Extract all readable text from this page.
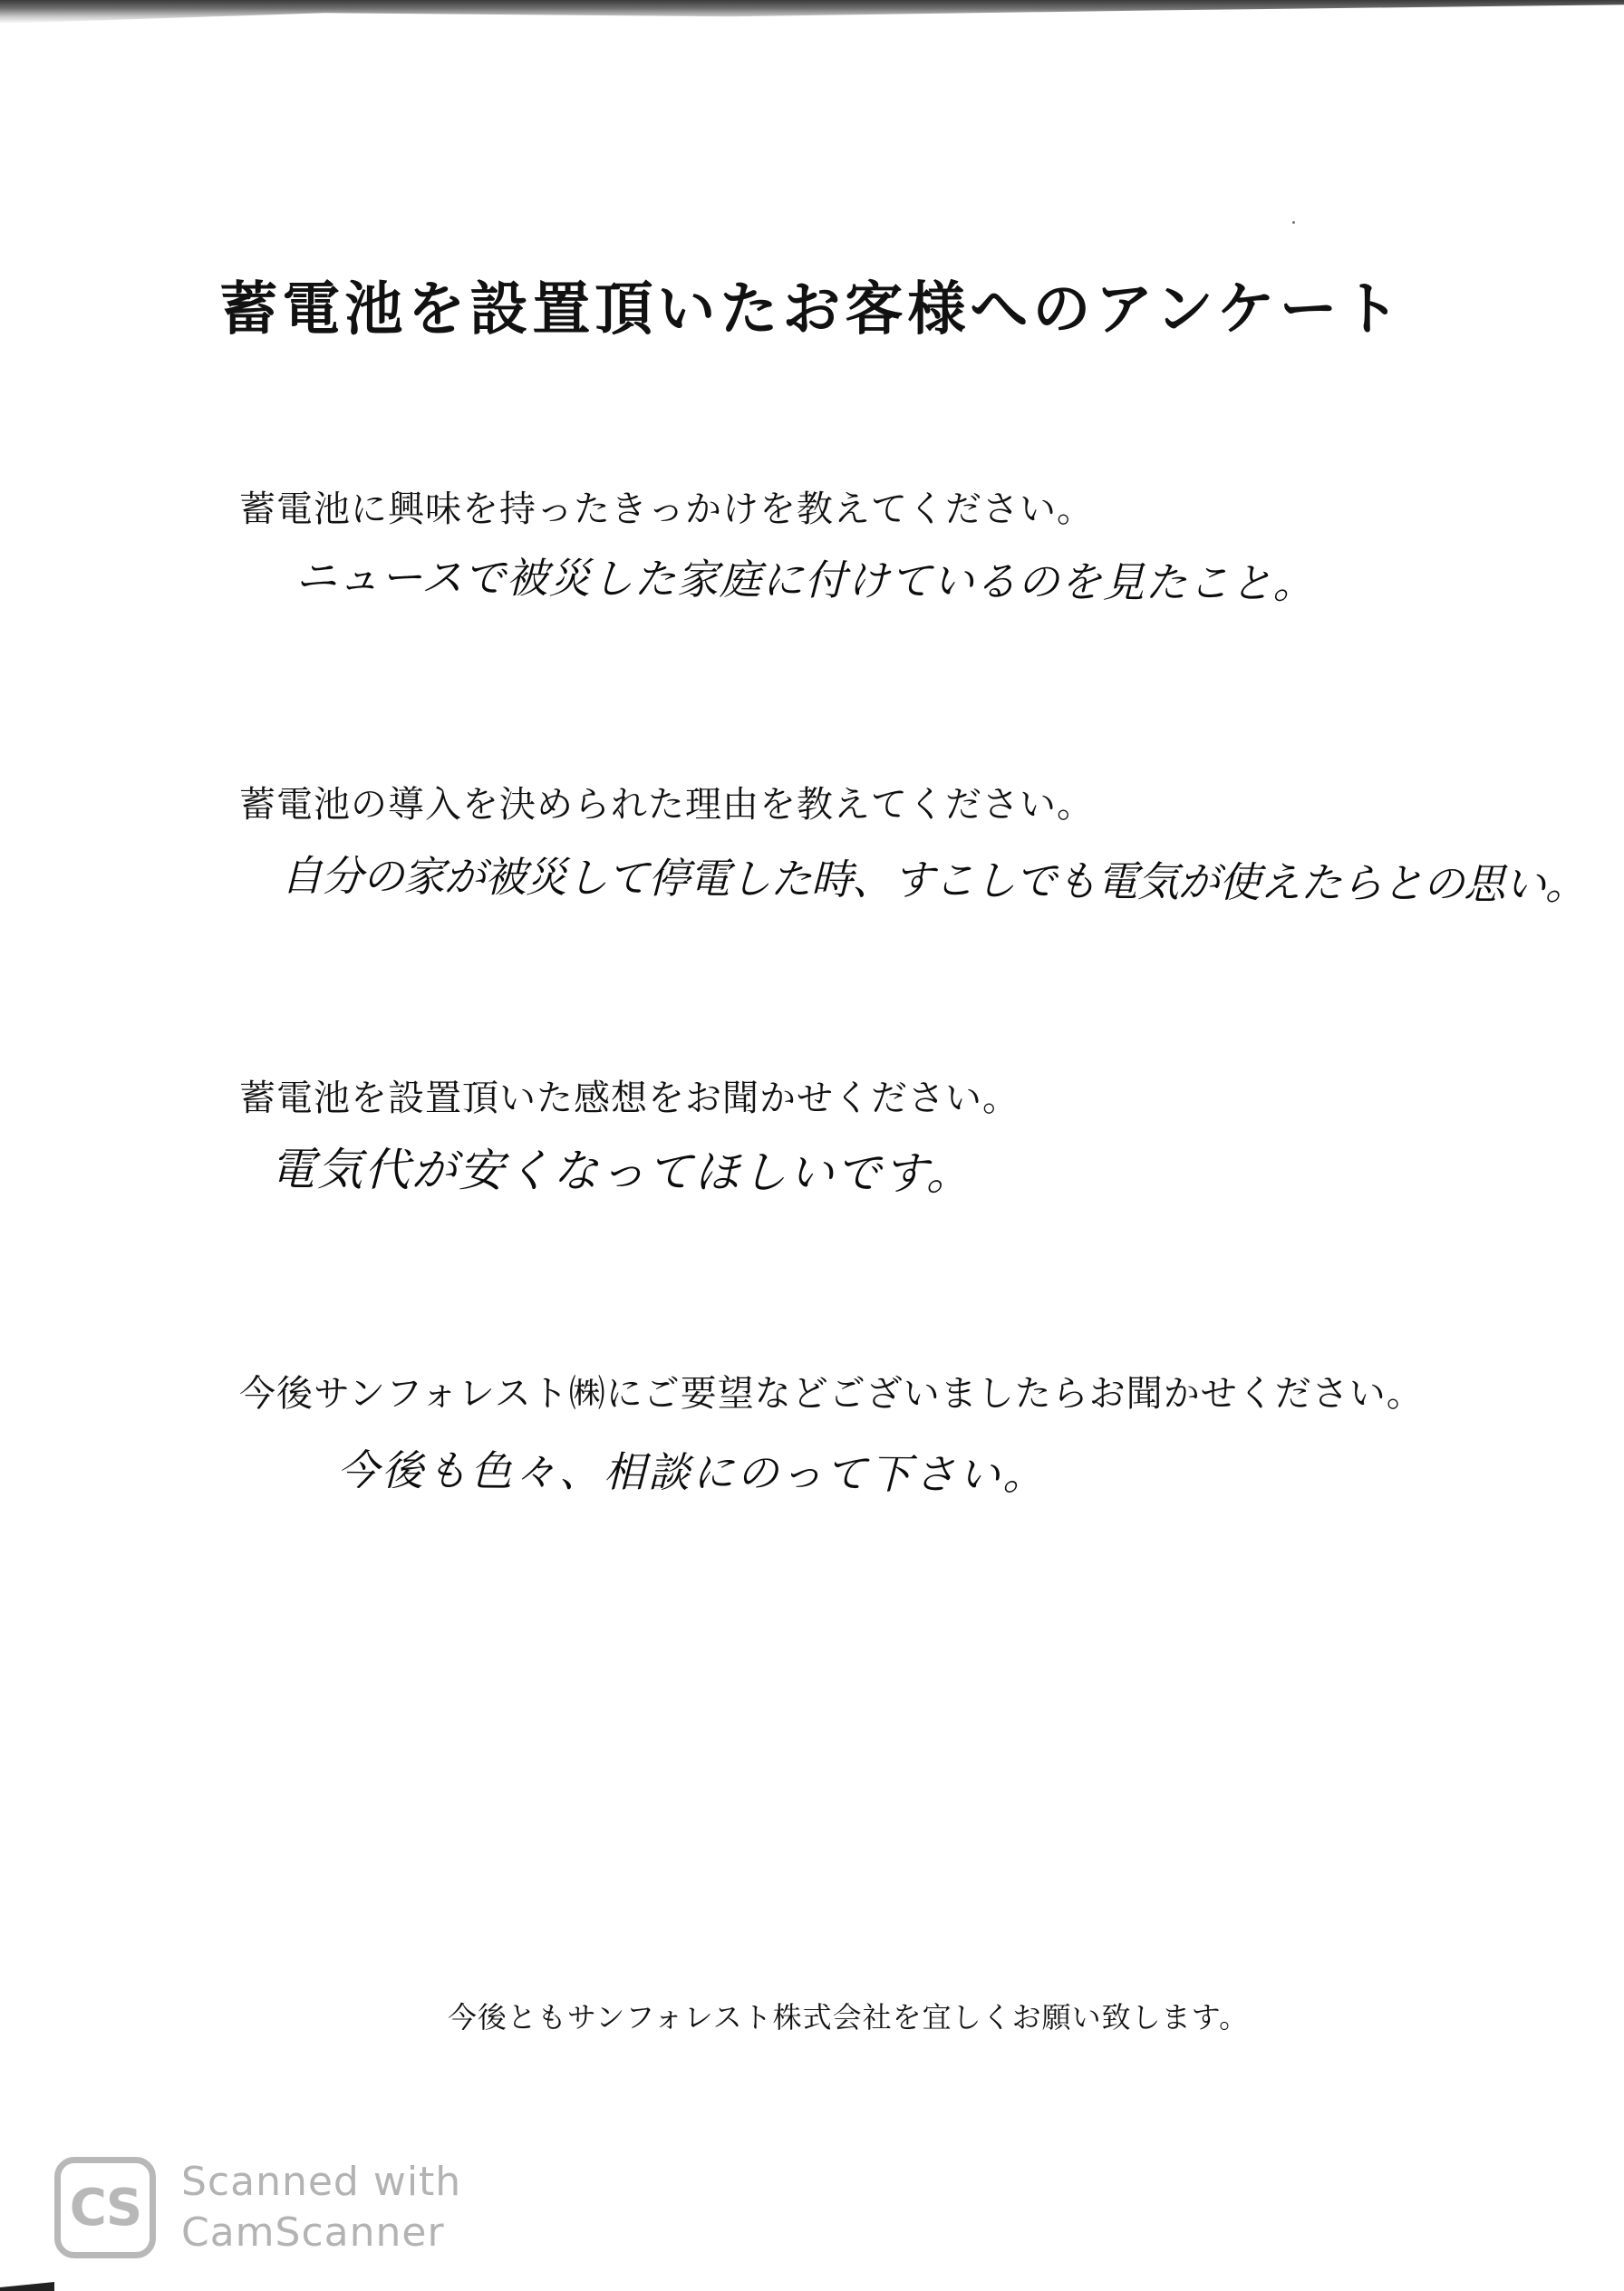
蓄電池を設置頂いたお客様へのアンケート
蓄電池に興味を持ったきっかけを教えてください。
ニュースで被災した家庭に付けているのを見たこと。
蓄電池の導入を決められた理由を教えてください。
自分の家が被災して停電した時、すこしでも電気が使えたらとの思い。
蓄電池を設置頂いた感想をお聞かせください。
電気代が安くなってほしいです。
今後サンフォレスト㈱にご要望などございましたらお聞かせください。
今後も色々、相談にのって下さい。
今後ともサンフォレスト株式会社を宜しくお願い致します。
CS	Scanned with
CamScanner
